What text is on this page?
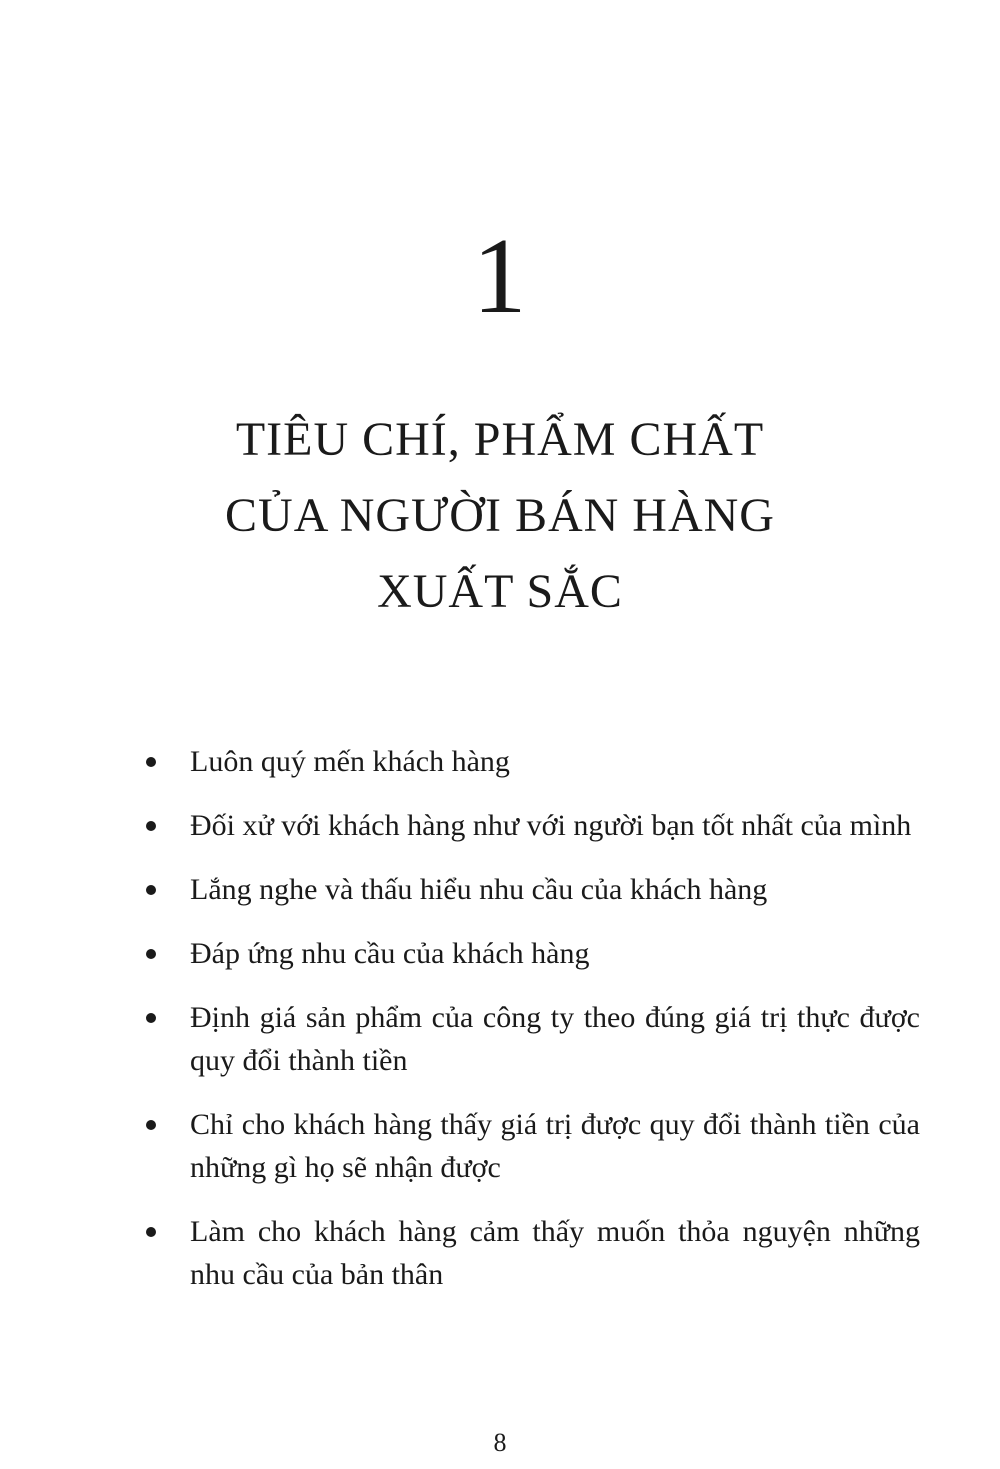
1
TIÊU CHÍ, PHẨM CHẤT
CỦA NGƯỜI BÁN HÀNG
XUẤT SẮC
Luôn quý mến khách hàng
Đối xử với khách hàng như với người bạn tốt nhất của mình
Lắng nghe và thấu hiểu nhu cầu của khách hàng
Đáp ứng nhu cầu của khách hàng
Định giá sản phẩm của công ty theo đúng giá trị thực được quy đổi thành tiền
Chỉ cho khách hàng thấy giá trị được quy đổi thành tiền của những gì họ sẽ nhận được
Làm cho khách hàng cảm thấy muốn thỏa nguyện những nhu cầu của bản thân
8
